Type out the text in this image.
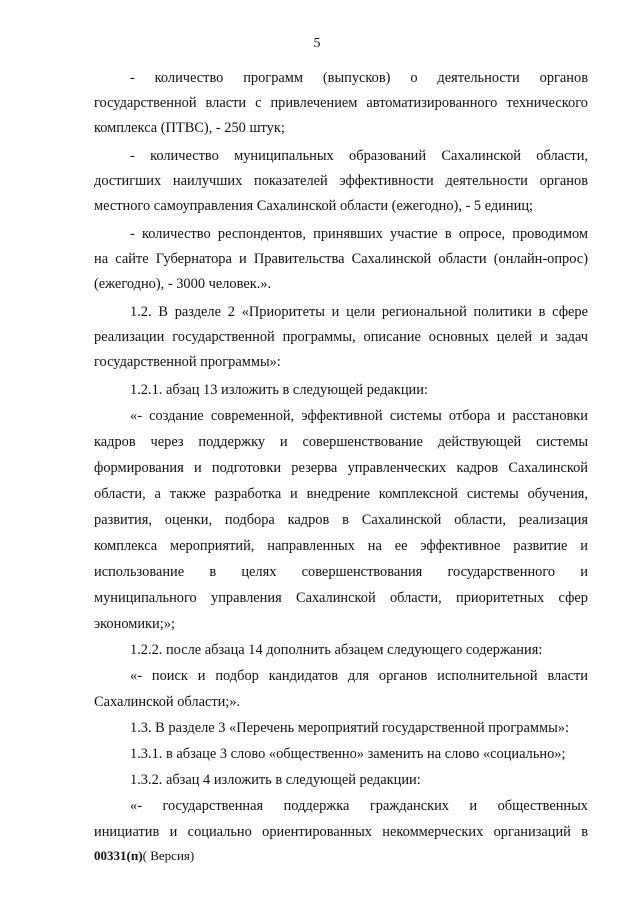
5
- количество программ (выпусков) о деятельности органов
государственной власти с привлечением автоматизированного технического
комплекса (ПТВС), - 250 штук;
- количество муниципальных образований Сахалинской области,
достигших наилучших показателей эффективности деятельности органов
местного самоуправления Сахалинской области (ежегодно), - 5 единиц;
- количество респондентов, принявших участие в опросе, проводимом
на сайте Губернатора и Правительства Сахалинской области (онлайн-опрос)
(ежегодно), - 3000 человек.».
1.2. В разделе 2 «Приоритеты и цели региональной политики в сфере
реализации государственной программы, описание основных целей и задач
государственной программы»:
1.2.1. абзац 13 изложить в следующей редакции:
«- создание современной, эффективной системы отбора и расстановки
кадров через поддержку и совершенствование действующей системы
формирования и подготовки резерва управленческих кадров Сахалинской
области, а также разработка и внедрение комплексной системы обучения,
развития, оценки, подбора кадров в Сахалинской области, реализация
комплекса мероприятий, направленных на ее эффективное развитие и
использование в целях совершенствования государственного и
муниципального управления Сахалинской области, приоритетных сфер
экономики;»;
1.2.2. после абзаца 14 дополнить абзацем следующего содержания:
«- поиск и подбор кандидатов для органов исполнительной власти
Сахалинской области;».
1.3. В разделе 3 «Перечень мероприятий государственной программы»:
1.3.1. в абзаце 3 слово «общественно» заменить на слово «социально»;
1.3.2. абзац 4 изложить в следующей редакции:
«- государственная поддержка гражданских и общественных
инициатив и социально ориентированных некоммерческих организаций в
00331(п)( Версия)
